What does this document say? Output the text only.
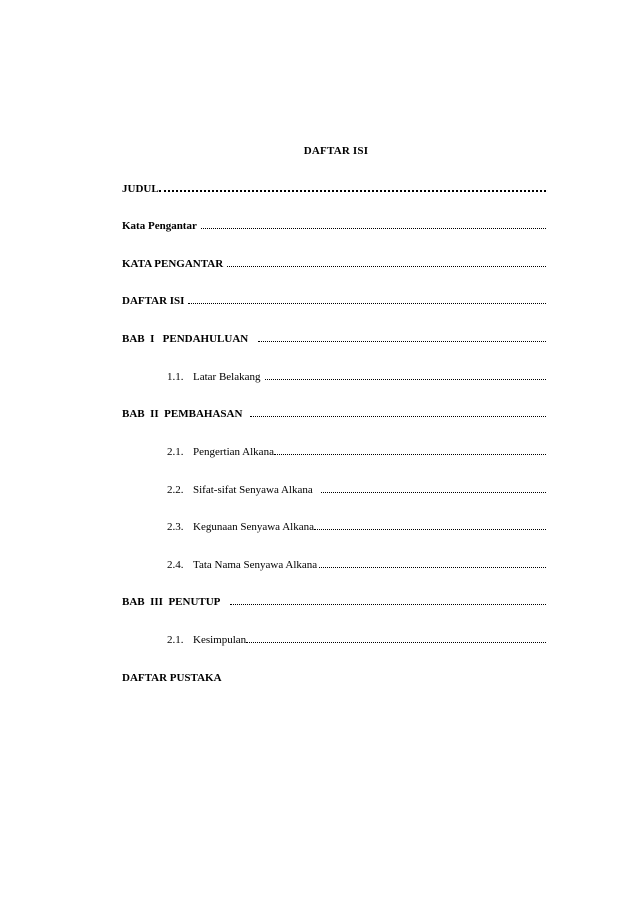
DAFTAR ISI
JUDUL
Kata Pengantar
KATA PENGANTAR
DAFTAR ISI
BAB  I   PENDAHULUAN
1.1. Latar Belakang
BAB  II  PEMBAHASAN
2.1. Pengertian Alkana
2.2. Sifat-sifat Senyawa Alkana
2.3. Kegunaan Senyawa Alkana
2.4. Tata Nama Senyawa Alkana
BAB  III  PENUTUP
2.1. Kesimpulan
DAFTAR PUSTAKA
